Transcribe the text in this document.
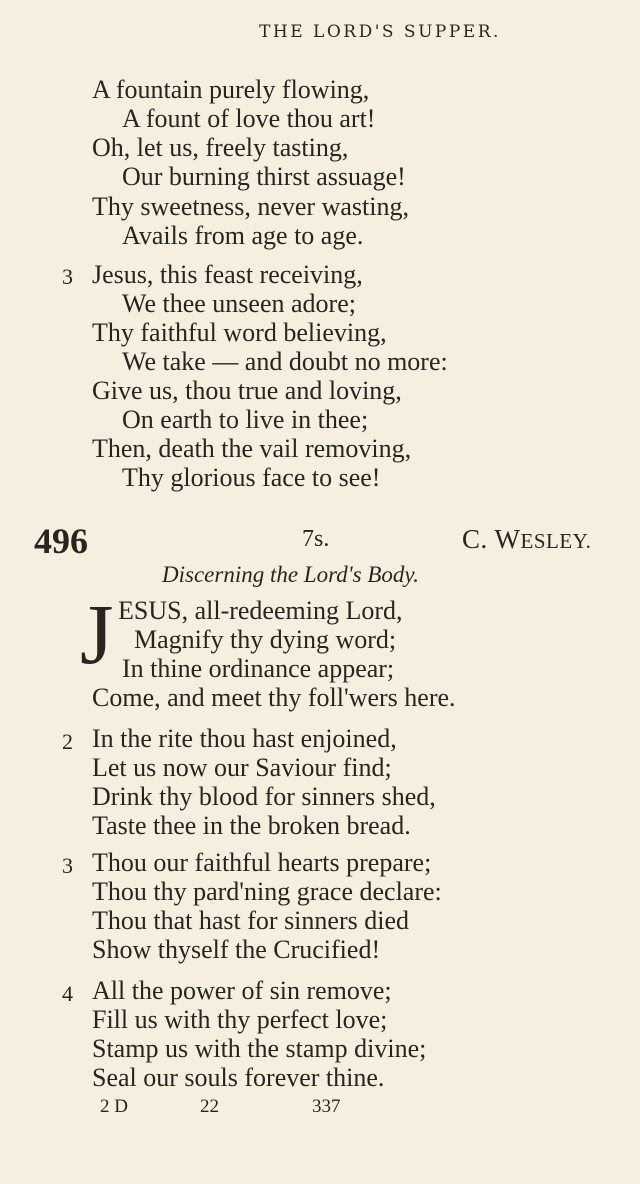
THE LORD'S SUPPER.
A fountain purely flowing,
A fount of love thou art!
Oh, let us, freely tasting,
Our burning thirst assuage!
Thy sweetness, never wasting,
Avails from age to age.
3 Jesus, this feast receiving,
We thee unseen adore;
Thy faithful word believing,
We take — and doubt no more:
Give us, thou true and loving,
On earth to live in thee;
Then, death the vail removing,
Thy glorious face to see!
496	7s.	C. WESLEY.
Discerning the Lord's Body.
J ESUS, all-redeeming Lord,
Magnify thy dying word;
In thine ordinance appear;
Come, and meet thy foll'wers here.
2 In the rite thou hast enjoined,
Let us now our Saviour find;
Drink thy blood for sinners shed,
Taste thee in the broken bread.
3 Thou our faithful hearts prepare;
Thou thy pard'ning grace declare:
Thou that hast for sinners died
Show thyself the Crucified!
4 All the power of sin remove;
Fill us with thy perfect love;
Stamp us with the stamp divine;
Seal our souls forever thine.
2 D	22	337
